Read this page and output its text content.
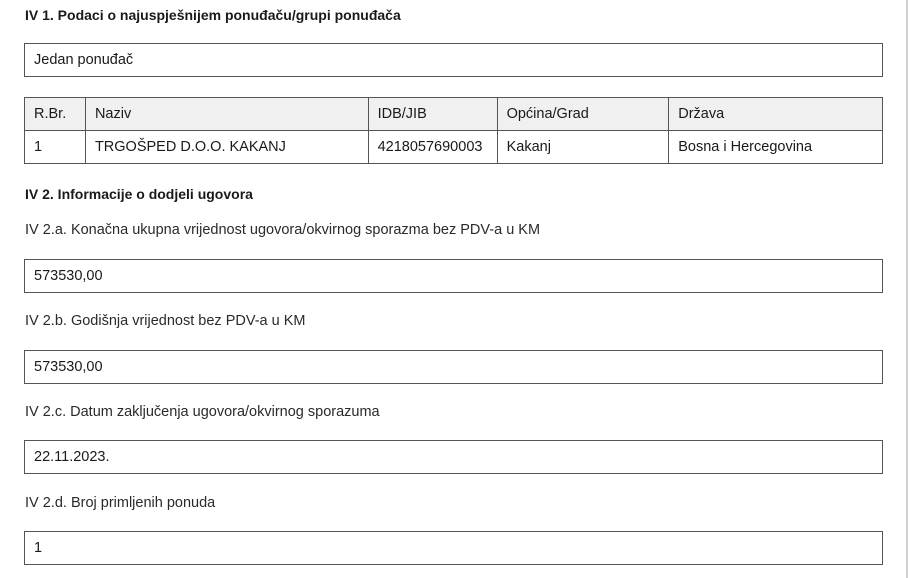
IV 1. Podaci o najuspješnijem ponuđaču/grupi ponuđača
Jedan ponuđač
R.Br.	Naziv	IDB/JIB	Općina/Grad	Država
1	TRGOŠPED D.O.O. KAKANJ	4218057690003	Kakanj	Bosna i Hercegovina
IV 2. Informacije o dodjeli ugovora
IV 2.a. Konačna ukupna vrijednost ugovora/okvirnog sporazma bez PDV-a u KM
573530,00
IV 2.b. Godišnja vrijednost bez PDV-a u KM
573530,00
IV 2.c. Datum zaključenja ugovora/okvirnog sporazuma
22.11.2023.
IV 2.d. Broj primljenih ponuda
1
